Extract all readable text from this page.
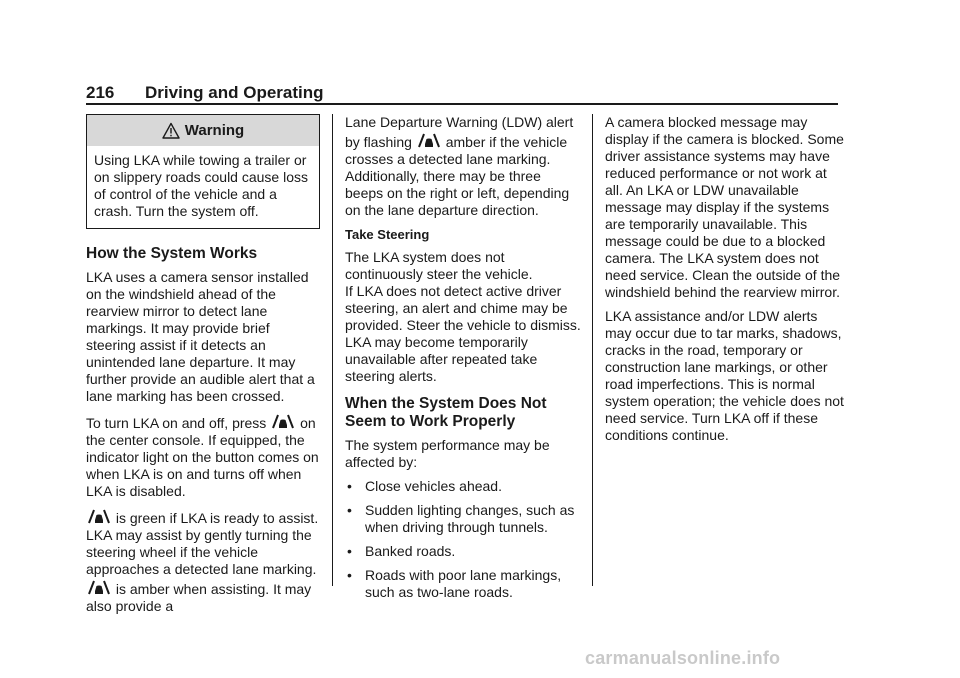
216 Driving and Operating
Warning
Using LKA while towing a trailer or on slippery roads could cause loss of control of the vehicle and a crash. Turn the system off.
How the System Works

LKA uses a camera sensor installed on the windshield ahead of the rearview mirror to detect lane markings. It may provide brief steering assist if it detects an unintended lane departure. It may further provide an audible alert that a lane marking has been crossed.

To turn LKA on and off, press on the center console. If equipped, the indicator light on the button comes on when LKA is on and turns off when LKA is disabled.

is green if LKA is ready to assist. LKA may assist by gently turning the steering wheel if the vehicle approaches a detected lane marking.  is amber when assisting. It may also provide a

Lane Departure Warning (LDW) alert by flashing amber if the vehicle crosses a detected lane marking. Additionally, there may be three beeps on the right or left, depending on the lane departure direction.

Take Steering

The LKA system does not continuously steer the vehicle.

If LKA does not detect active driver steering, an alert and chime may be provided. Steer the vehicle to dismiss. LKA may become temporarily unavailable after repeated take steering alerts.

When the System Does Not Seem to Work Properly

The system performance may be affected by:

• Close vehicles ahead.
• Sudden lighting changes, such as when driving through tunnels.
• Banked roads.
• Roads with poor lane markings, such as two-lane roads.

A camera blocked message may display if the camera is blocked. Some driver assistance systems may have reduced performance or not work at all. An LKA or LDW unavailable message may display if the systems are temporarily unavailable. This message could be due to a blocked camera. The LKA system does not need service. Clean the outside of the windshield behind the rearview mirror.

LKA assistance and/or LDW alerts may occur due to tar marks, shadows, cracks in the road, temporary or construction lane markings, or other road imperfections. This is normal system operation; the vehicle does not need service. Turn LKA off if these conditions continue.

carmanualsonline.info
